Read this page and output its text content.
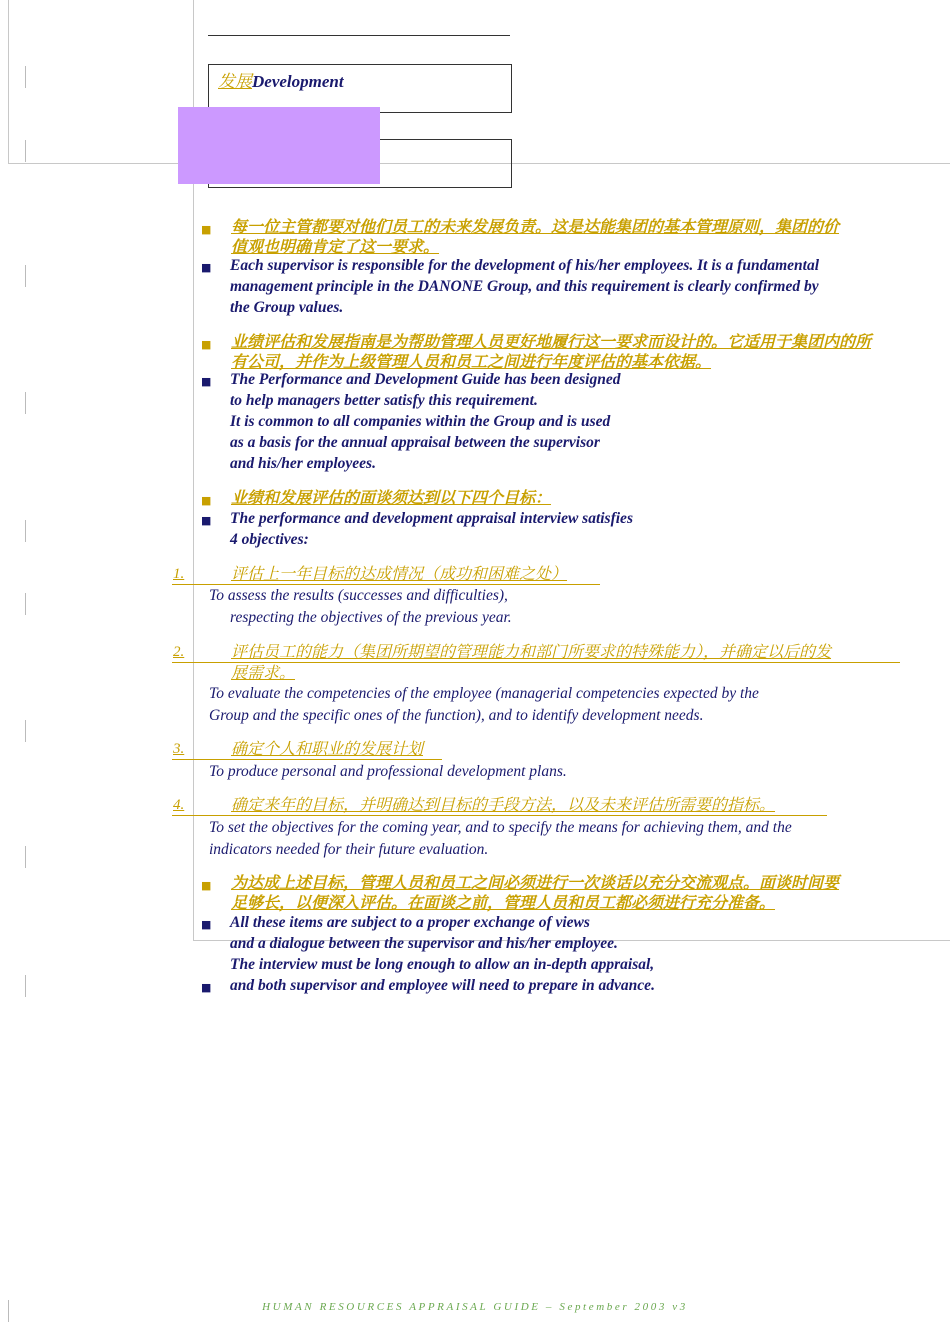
发展Development
■ 每一位主管都要对他们员工的未来发展负责。这是达能集团的基本管理原则，集团的价
值观也明确肯定了这一要求。
■ Each supervisor is responsible for the development of his/her employees. It is a fundamental
management principle in the DANONE Group, and this requirement is clearly confirmed by
the Group values.
■ 业绩评估和发展指南是为帮助管理人员更好地履行这一要求而设计的。它适用于集团内的所
有公司，并作为上级管理人员和员工之间进行年度评估的基本依据。
■ The Performance and Development Guide has been designed
to help managers better satisfy this requirement.
It is common to all companies within the Group and is used
as a basis for the annual appraisal between the supervisor
and his/her employees.
■ 业绩和发展评估的面谈须达到以下四个目标：
■ The performance and development appraisal interview satisfies
4 objectives:
1.	评估上一年目标的达成情况（成功和困难之处）
To assess the results (successes and difficulties),
respecting the objectives of the previous year.
2.	评估员工的能力（集团所期望的管理能力和部门所要求的特殊能力），并确定以后的发
展需求。
To evaluate the competencies of the employee (managerial competencies expected by the
Group and the specific ones of the function), and to identify development needs.
3.	确定个人和职业的发展计划
To produce personal and professional development plans.
4.	确定来年的目标，并明确达到目标的手段方法，以及未来评估所需要的指标。
To set the objectives for the coming year, and to specify the means for achieving them, and the
indicators needed for their future evaluation.
■ 为达成上述目标，管理人员和员工之间必须进行一次谈话以充分交流观点。面谈时间要
足够长，以便深入评估。在面谈之前，管理人员和员工都必须进行充分准备。
■ All these items are subject to a proper exchange of views
and a dialogue between the supervisor and his/her employee.
The interview must be long enough to allow an in-depth appraisal,
and both supervisor and employee will need to prepare in advance.
■
HUMAN RESOURCES APPRAISAL GUIDE – September 2003 v3
